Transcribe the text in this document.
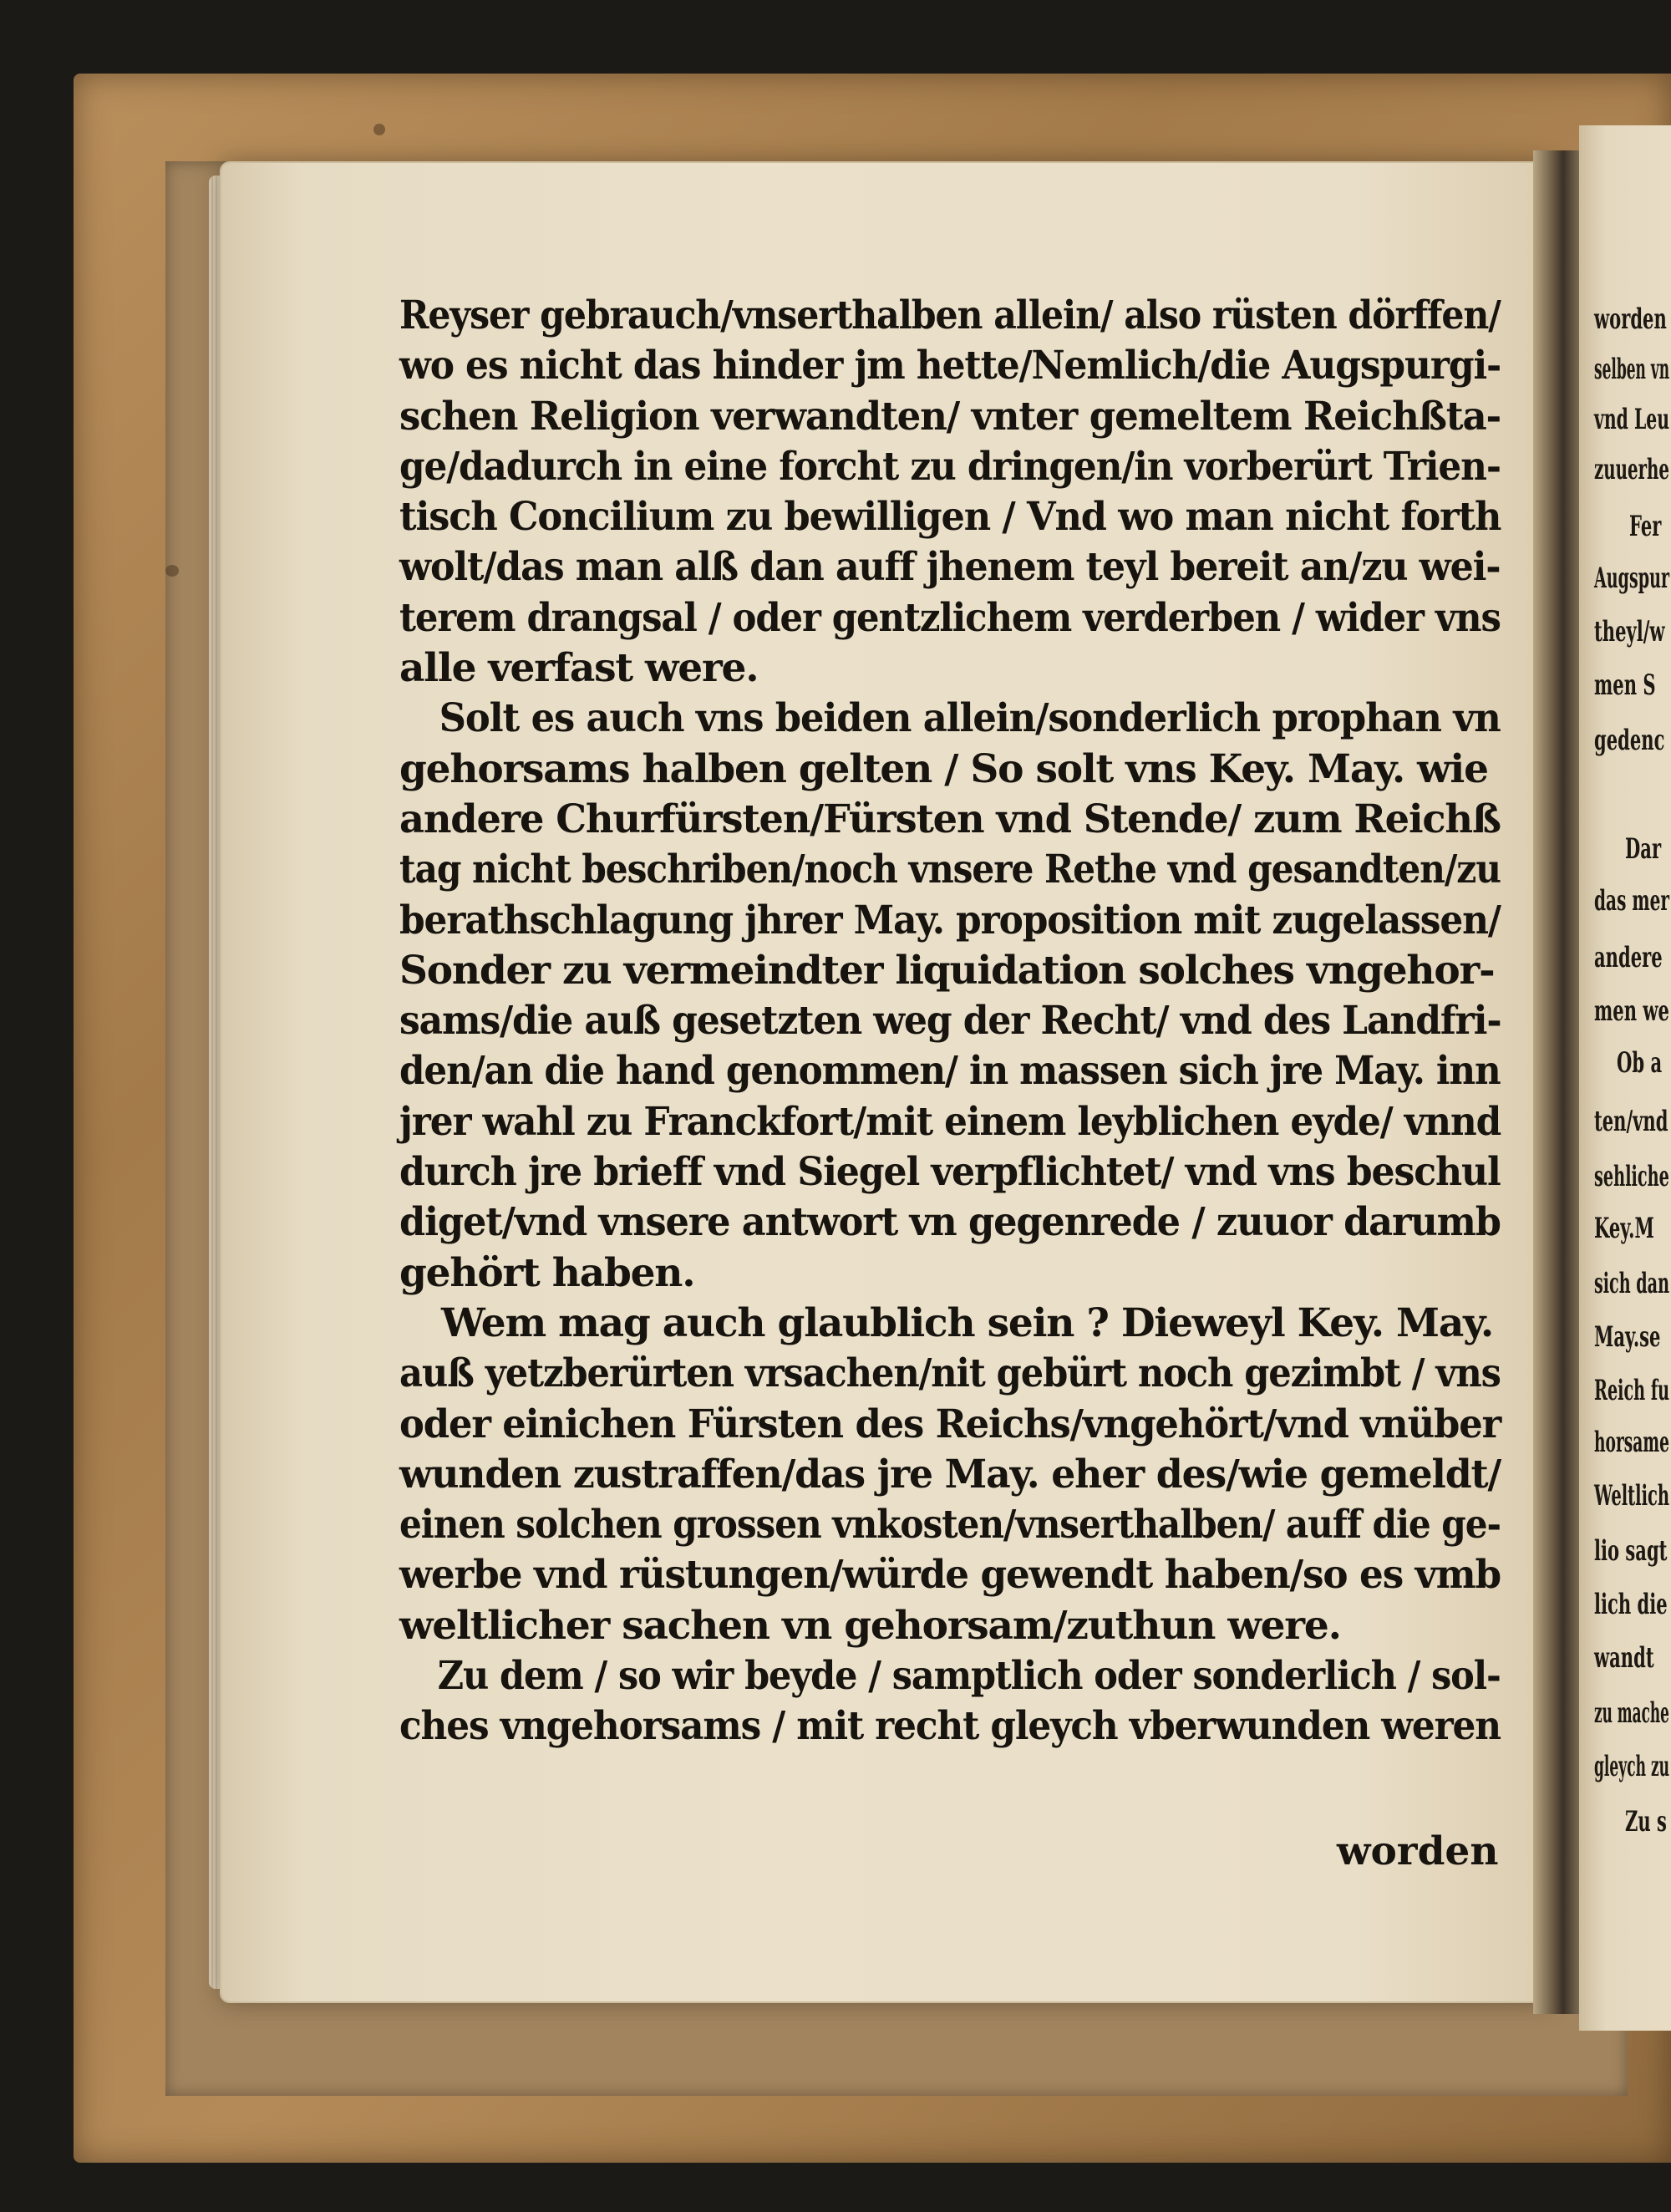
Reyser gebrauch/vnserthalben allein/ also rüsten dörffen/
wo es nicht das hinder jm hette/Nemlich/die Augspurgi-
schen Religion verwandten/ vnter gemeltem Reichßta-
ge/dadurch in eine forcht zu dringen/in vorberürt Trien-
tisch Concilium zu bewilligen / Vnd wo man nicht forth
wolt/das man alß dan auff jhenem teyl bereit an/zu wei-
terem drangsal / oder gentzlichem verderben / wider vns
alle verfast were.
Solt es auch vns beiden allein/sonderlich prophan vn
gehorsams halben gelten / So solt vns Key. May. wie
andere Churfürsten/Fürsten vnd Stende/ zum Reichß
tag nicht beschriben/noch vnsere Rethe vnd gesandten/zu
berathschlagung jhrer May. proposition mit zugelassen/
Sonder zu vermeindter liquidation solches vngehor-
sams/die auß gesetzten weg der Recht/ vnd des Landfri-
den/an die hand genommen/ in massen sich jre May. inn
jrer wahl zu Franckfort/mit einem leyblichen eyde/ vnnd
durch jre brieff vnd Siegel verpflichtet/ vnd vns beschul
diget/vnd vnsere antwort vn gegenrede / zuuor darumb
gehört haben.
Wem mag auch glaublich sein ? Dieweyl Key. May.
auß yetzberürten vrsachen/nit gebürt noch gezimbt / vns
oder einichen Fürsten des Reichs/vngehört/vnd vnüber
wunden zustraffen/das jre May. eher des/wie gemeldt/
einen solchen grossen vnkosten/vnserthalben/ auff die ge-
werbe vnd rüstungen/würde gewendt haben/so es vmb
weltlicher sachen vn gehorsam/zuthun were.
Zu dem / so wir beyde / samptlich oder sonderlich / sol-
ches vngehorsams / mit recht gleych vberwunden weren
worden
worden
selben vn
vnd Leu
zuuerhe
Fer
Augspur
theyl/w
men S
gedenc
Dar
das mer
andere
men we
Ob a
ten/vnd
sehliche
Key.M
sich dan
May.se
Reich fu
horsame
Weltlich
lio sagt
lich die
wandt
zu mache
gleych zu
Zu s
